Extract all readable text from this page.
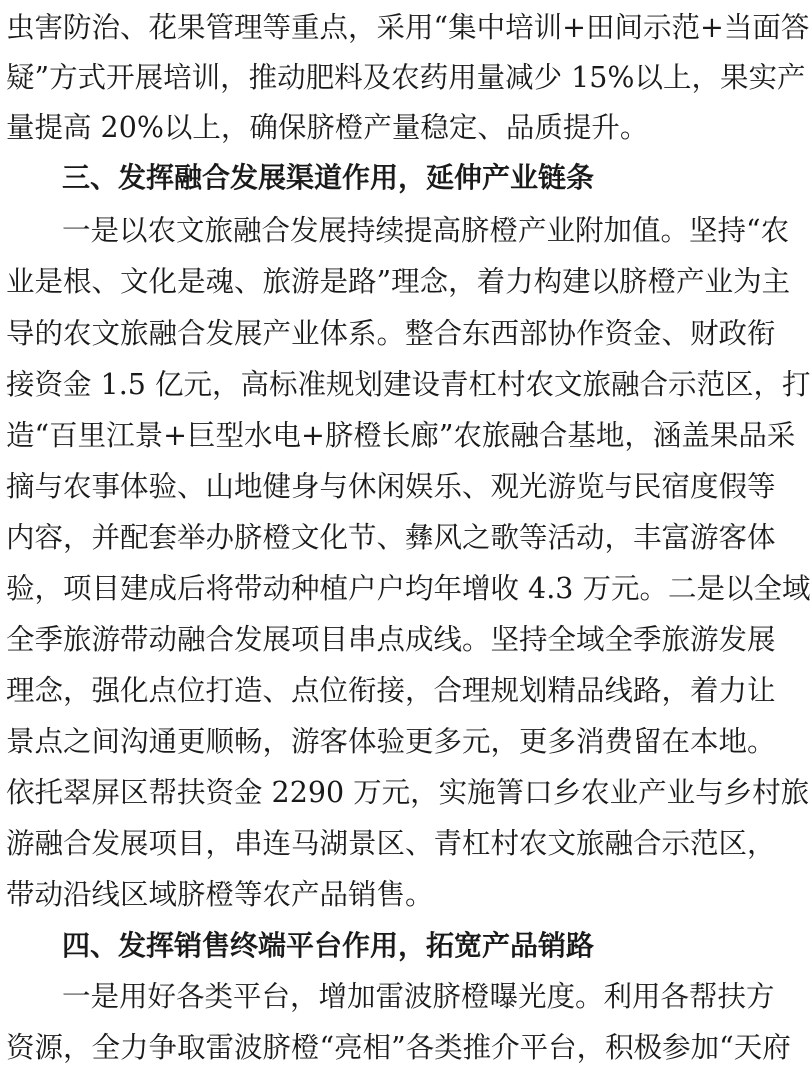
虫害防治、花果管理等重点，采用“集中培训+田间示范+当面答
疑”方式开展培训，推动肥料及农药用量减少 15%以上，果实产
量提高 20%以上，确保脐橙产量稳定、品质提升。
三、发挥融合发展渠道作用，延伸产业链条
一是以农文旅融合发展持续提高脐橙产业附加值。坚持“农
业是根、文化是魂、旅游是路”理念，着力构建以脐橙产业为主
导的农文旅融合发展产业体系。整合东西部协作资金、财政衔
接资金 1.5 亿元，高标准规划建设青杠村农文旅融合示范区，打
造“百里江景+巨型水电+脐橙长廊”农旅融合基地，涵盖果品采
摘与农事体验、山地健身与休闲娱乐、观光游览与民宿度假等
内容，并配套举办脐橙文化节、彝风之歌等活动，丰富游客体
验，项目建成后将带动种植户户均年增收 4.3 万元。二是以全域
全季旅游带动融合发展项目串点成线。坚持全域全季旅游发展
理念，强化点位打造、点位衔接，合理规划精品线路，着力让
景点之间沟通更顺畅，游客体验更多元，更多消费留在本地。
依托翠屏区帮扶资金 2290 万元，实施箐口乡农业产业与乡村旅
游融合发展项目，串连马湖景区、青杠村农文旅融合示范区，
带动沿线区域脐橙等农产品销售。
四、发挥销售终端平台作用，拓宽产品销路
一是用好各类平台，增加雷波脐橙曝光度。利用各帮扶方
资源，全力争取雷波脐橙“亮相”各类推介平台，积极参加“天府
